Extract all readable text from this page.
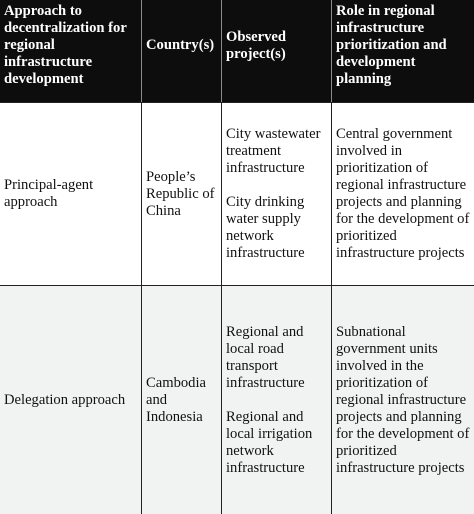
Approach to decentralization for regional infrastructure development
Country(s)
Observed project(s)
Role in regional infrastructure prioritization and development planning
Principal-agent approach
People’s Republic of China

City wastewater treatment infrastructure

City drinking water supply network infrastructure

Central government involved in prioritization of regional infrastructure projects and planning for the development of prioritized infrastructure projects
Delegation approach
Cambodia and Indonesia

Regional and local road transport infrastructure

Regional and local irrigation network infrastructure

Subnational government units involved in the prioritization of regional infrastructure projects and planning for the development of prioritized infrastructure projects
